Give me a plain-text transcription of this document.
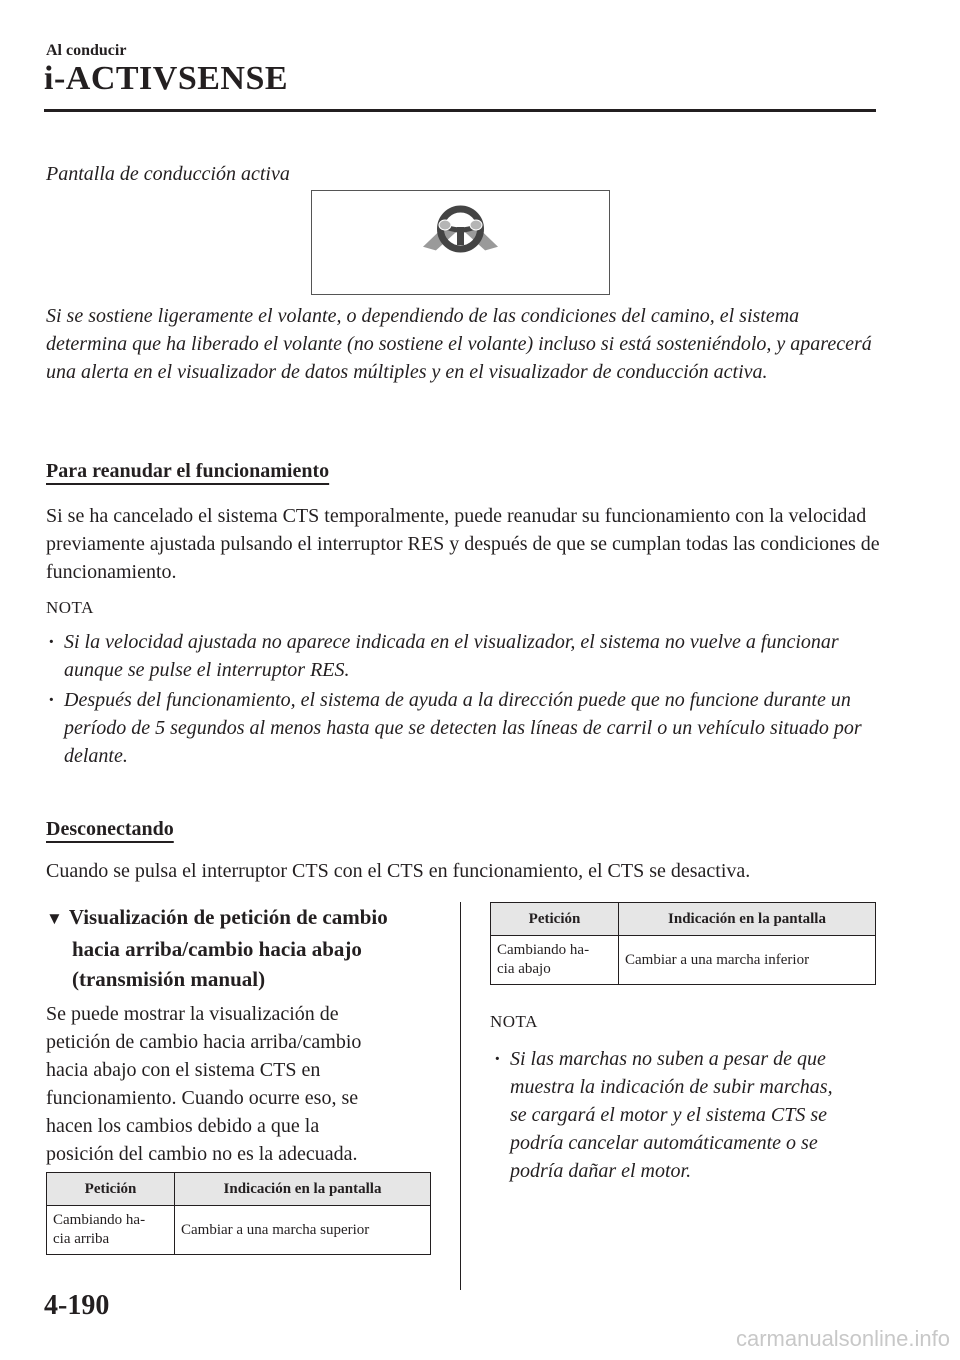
Al conducir
i-ACTIVSENSE
Pantalla de conducción activa
Si se sostiene ligeramente el volante, o dependiendo de las condiciones del camino, el sistema determina que ha liberado el volante (no sostiene el volante) incluso si está sosteniéndolo, y aparecerá una alerta en el visualizador de datos múltiples y en el visualizador de conducción activa.
Para reanudar el funcionamiento
Si se ha cancelado el sistema CTS temporalmente, puede reanudar su funcionamiento con la velocidad previamente ajustada pulsando el interruptor RES y después de que se cumplan todas las condiciones de funcionamiento.
NOTA
· Si la velocidad ajustada no aparece indicada en el visualizador, el sistema no vuelve a funcionar aunque se pulse el interruptor RES.
· Después del funcionamiento, el sistema de ayuda a la dirección puede que no funcione durante un período de 5 segundos al menos hasta que se detecten las líneas de carril o un vehículo situado por delante.
Desconectando
Cuando se pulsa el interruptor CTS con el CTS en funcionamiento, el CTS se desactiva.
▼ Visualización de petición de cambio
hacia arriba/cambio hacia abajo
(transmisión manual)
Se puede mostrar la visualización de
petición de cambio hacia arriba/cambio
hacia abajo con el sistema CTS en
funcionamiento. Cuando ocurre eso, se
hacen los cambios debido a que la
posición del cambio no es la adecuada.
Petición	Indicación en la pantalla

Cambiando ha-
cia arriba	Cambiar a una marcha superior
Petición	Indicación en la pantalla

Cambiando ha-
cia abajo	Cambiar a una marcha inferior
NOTA
· Si las marchas no suben a pesar de que
muestra la indicación de subir marchas,
se cargará el motor y el sistema CTS se
podría cancelar automáticamente o se
podría dañar el motor.
4-190
carmanualsonline.info
